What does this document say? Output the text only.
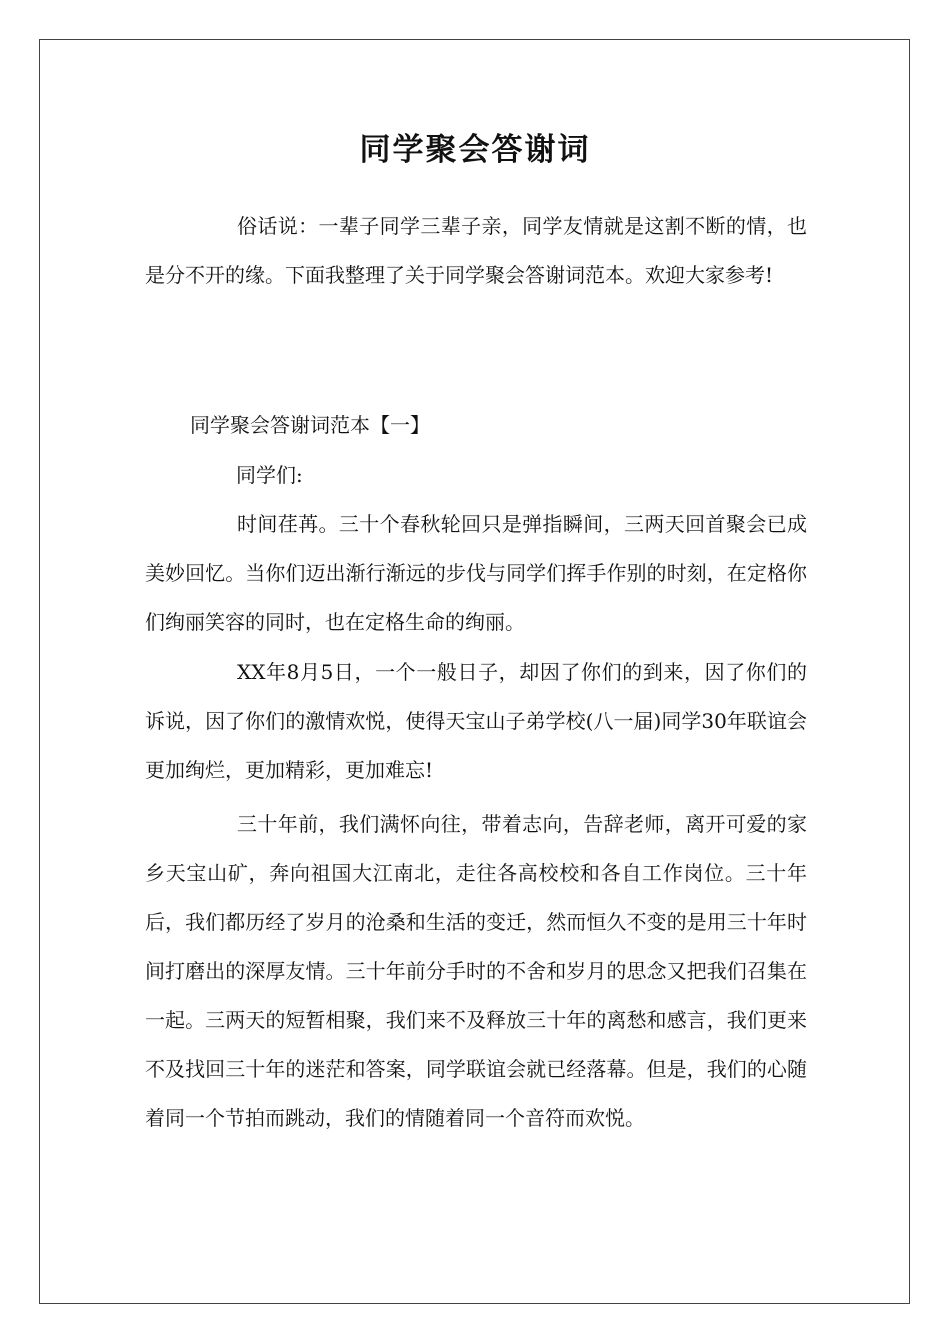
同学聚会答谢词

俗话说：一辈子同学三辈子亲，同学友情就是这割不断的情，也是分不开的缘。下面我整理了关于同学聚会答谢词范本。欢迎大家参考!

同学聚会答谢词范本【一】

同学们:

时间荏苒。三十个春秋轮回只是弹指瞬间，三两天回首聚会已成美妙回忆。当你们迈出渐行渐远的步伐与同学们挥手作别的时刻，在定格你们绚丽笑容的同时，也在定格生命的绚丽。

XX年8月5日，一个一般日子，却因了你们的到来，因了你们的诉说，因了你们的激情欢悦，使得天宝山子弟学校(八一届)同学30年联谊会更加绚烂，更加精彩，更加难忘!

三十年前，我们满怀向往，带着志向，告辞老师，离开可爱的家乡天宝山矿，奔向祖国大江南北，走往各高校校和各自工作岗位。三十年后，我们都历经了岁月的沧桑和生活的变迁，然而恒久不变的是用三十年时间打磨出的深厚友情。三十年前分手时的不舍和岁月的思念又把我们召集在一起。三两天的短暂相聚，我们来不及释放三十年的离愁和感言，我们更来不及找回三十年的迷茫和答案，同学联谊会就已经落幕。但是，我们的心随着同一个节拍而跳动，我们的情随着同一个音符而欢悦。
